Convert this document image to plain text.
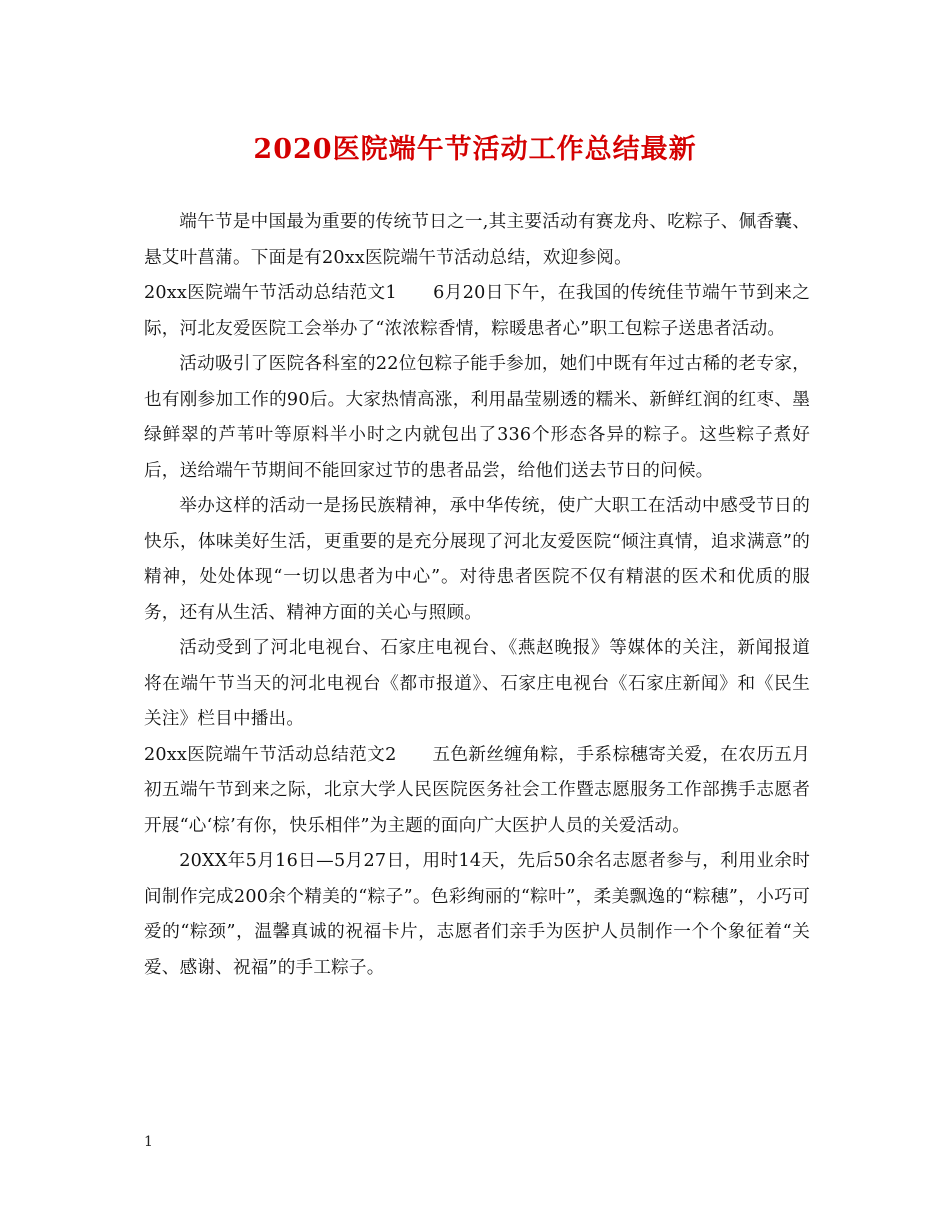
2020医院端午节活动工作总结最新

端午节是中国最为重要的传统节日之一,其主要活动有赛龙舟、吃粽子、佩香囊、悬艾叶菖蒲。下面是有20xx医院端午节活动总结，欢迎参阅。

20xx医院端午节活动总结范文1 6月20日下午，在我国的传统佳节端午节到来之际，河北友爱医院工会举办了“浓浓粽香情，粽暖患者心”职工包粽子送患者活动。

活动吸引了医院各科室的22位包粽子能手参加，她们中既有年过古稀的老专家，也有刚参加工作的90后。大家热情高涨，利用晶莹剔透的糯米、新鲜红润的红枣、墨绿鲜翠的芦苇叶等原料半小时之内就包出了336个形态各异的粽子。这些粽子煮好后，送给端午节期间不能回家过节的患者品尝，给他们送去节日的问候。

举办这样的活动一是扬民族精神，承中华传统，使广大职工在活动中感受节日的快乐，体味美好生活，更重要的是充分展现了河北友爱医院“倾注真情，追求满意”的精神，处处体现“一切以患者为中心”。对待患者医院不仅有精湛的医术和优质的服务，还有从生活、精神方面的关心与照顾。

活动受到了河北电视台、石家庄电视台、《燕赵晚报》等媒体的关注，新闻报道将在端午节当天的河北电视台《都市报道》、石家庄电视台《石家庄新闻》和《民生关注》栏目中播出。

20xx医院端午节活动总结范文2 五色新丝缠角粽，手系棕穗寄关爱，在农历五月初五端午节到来之际，北京大学人民医院医务社会工作暨志愿服务工作部携手志愿者开展“心‘棕’有你，快乐相伴”为主题的面向广大医护人员的关爱活动。

20XX年5月16日—5月27日，用时14天，先后50余名志愿者参与，利用业余时间制作完成200余个精美的“粽子”。色彩绚丽的“粽叶”，柔美飘逸的“粽穗”，小巧可爱的“粽颈”，温馨真诚的祝福卡片，志愿者们亲手为医护人员制作一个个象征着“关爱、感谢、祝福”的手工粽子。

1
